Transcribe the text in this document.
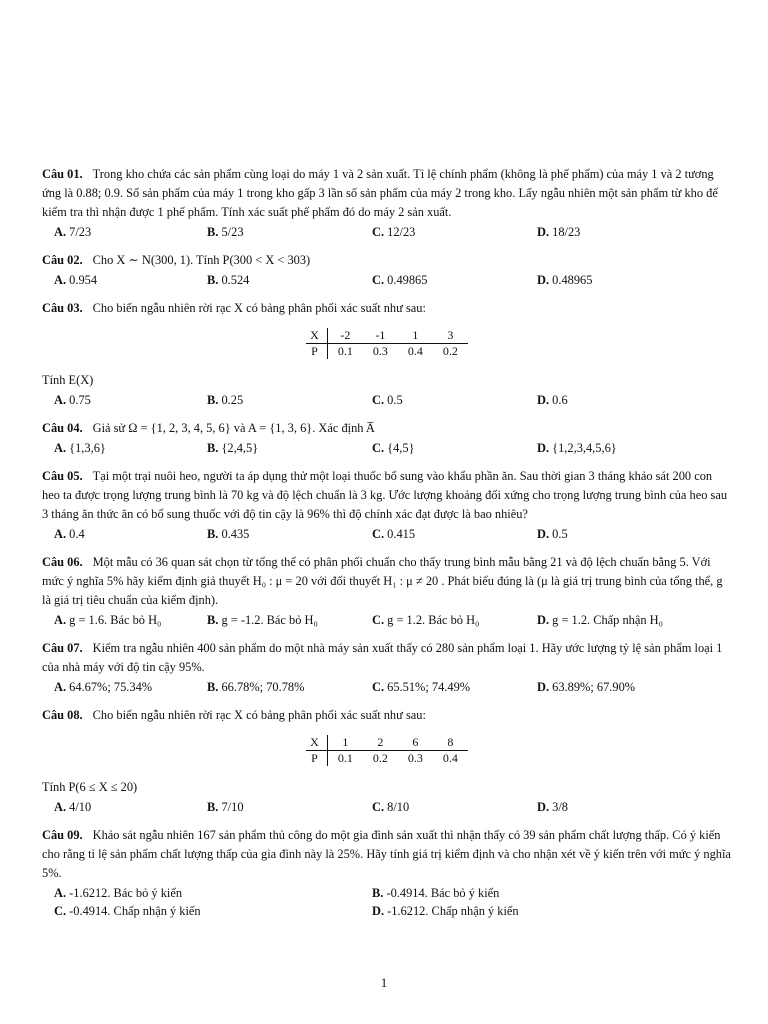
Câu 01. Trong kho chứa các sản phẩm cùng loại do máy 1 và 2 sản xuất. Tỉ lệ chính phẩm (không là phế phẩm) của máy 1 và 2 tương ứng là 0.88; 0.9. Số sản phẩm của máy 1 trong kho gấp 3 lần số sản phẩm của máy 2 trong kho. Lấy ngẫu nhiên một sản phẩm từ kho để kiểm tra thì nhận được 1 phế phẩm. Tính xác suất phế phẩm đó do máy 2 sản xuất.
A. 7/23	B. 5/23	C. 12/23	D. 18/23
Câu 02. Cho X ∼ N(300, 1). Tính P(300 < X < 303)
A. 0.954	B. 0.524	C. 0.49865	D. 0.48965
Câu 03. Cho biến ngẫu nhiên rời rạc X có bảng phân phối xác suất như sau:
X	-2	-1	1	3
P	0.1	0.3	0.4	0.2
Tính E(X)
A. 0.75	B. 0.25	C. 0.5	D. 0.6
Câu 04. Giả sử Ω = {1, 2, 3, 4, 5, 6} và A = {1, 3, 6}. Xác định A̅
A. {1,3,6}	B. {2,4,5}	C. {4,5}	D. {1,2,3,4,5,6}
Câu 05. Tại một trại nuôi heo, người ta áp dụng thử một loại thuốc bổ sung vào khẩu phần ăn. Sau thời gian 3 tháng khảo sát 200 con heo ta được trọng lượng trung bình là 70 kg và độ lệch chuẩn là 3 kg. Ước lượng khoảng đối xứng cho trọng lượng trung bình của heo sau 3 tháng ăn thức ăn có bổ sung thuốc với độ tin cậy là 96% thì độ chính xác đạt được là bao nhiêu?
A. 0.4	B. 0.435	C. 0.415	D. 0.5
Câu 06. Một mẫu có 36 quan sát chọn từ tổng thể có phân phối chuẩn cho thấy trung bình mẫu bằng 21 và độ lệch chuẩn bằng 5. Với mức ý nghĩa 5% hãy kiểm định giả thuyết H₀ : μ = 20 với đối thuyết H₁ : μ ≠ 20 . Phát biểu đúng là (μ là giá trị trung bình của tổng thể, g là giá trị tiêu chuẩn của kiểm định).
A. g = 1.6. Bác bỏ H₀	B. g = -1.2. Bác bỏ H₀	C. g = 1.2. Bác bỏ H₀	D. g = 1.2. Chấp nhận H₀
Câu 07. Kiểm tra ngẫu nhiên 400 sản phẩm do một nhà máy sản xuất thấy có 280 sản phẩm loại 1. Hãy ước lượng tỷ lệ sản phẩm loại 1 của nhà máy với độ tin cậy 95%.
A. 64.67%; 75.34%	B. 66.78%; 70.78%	C. 65.51%; 74.49%	D. 63.89%; 67.90%
Câu 08. Cho biến ngẫu nhiên rời rạc X có bảng phân phối xác suất như sau:
X	1	2	6	8
P	0.1	0.2	0.3	0.4
Tính P(6 ≤ X ≤ 20)
A. 4/10	B. 7/10	C. 8/10	D. 3/8
Câu 09. Khảo sát ngẫu nhiên 167 sản phẩm thủ công do một gia đình sản xuất thì nhận thấy có 39 sản phẩm chất lượng thấp. Có ý kiến cho rằng tỉ lệ sản phẩm chất lượng thấp của gia đình này là 25%. Hãy tính giá trị kiểm định và cho nhận xét về ý kiến trên với mức ý nghĩa 5%.
A. -1.6212. Bác bỏ ý kiến	B. -0.4914. Bác bỏ ý kiến
C. -0.4914. Chấp nhận ý kiến	D. -1.6212. Chấp nhận ý kiến
1
